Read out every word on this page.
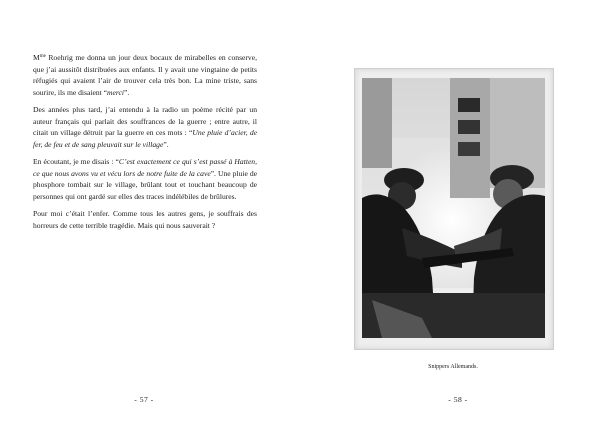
$M^{me}$ Roehrig me donna un jour deux bocaux de mirabelles en conserve, que j’aі aussitôt distribuées aux enfants. Il y avait une vingtaine de petits réfugiés qui avaient l’air de trouver cela très bon. La mine triste, sans sourire, ils me disaient “merci”.

Des années plus tard, j’ai entendu à la radio un poème récité par un auteur français qui parlait des souffrances de la guerre ; entre autre, il citait un village détruit par la guerre en ces mots : “Une pluie d’acier, de fer, de feu et de sang pleuvait sur le village”.

En écoutant, je me disais : “C’est exactement ce qui s’est passé à Hatten, ce que nous avons vu et vécu lors de notre fuite de la cave”. Une pluie de phosphore tombait sur le village, brûlant tout et touchant beaucoup de personnes qui ont gardé sur elles des traces indélébiles de brûlures.

Pour moi c’était l’enfer. Comme tous les autres gens, je souffrais des horreurs de cette terrible tragédie. Mais qui nous sauverait ?

- 57 -
Snippers Allemands.
- 58 -
